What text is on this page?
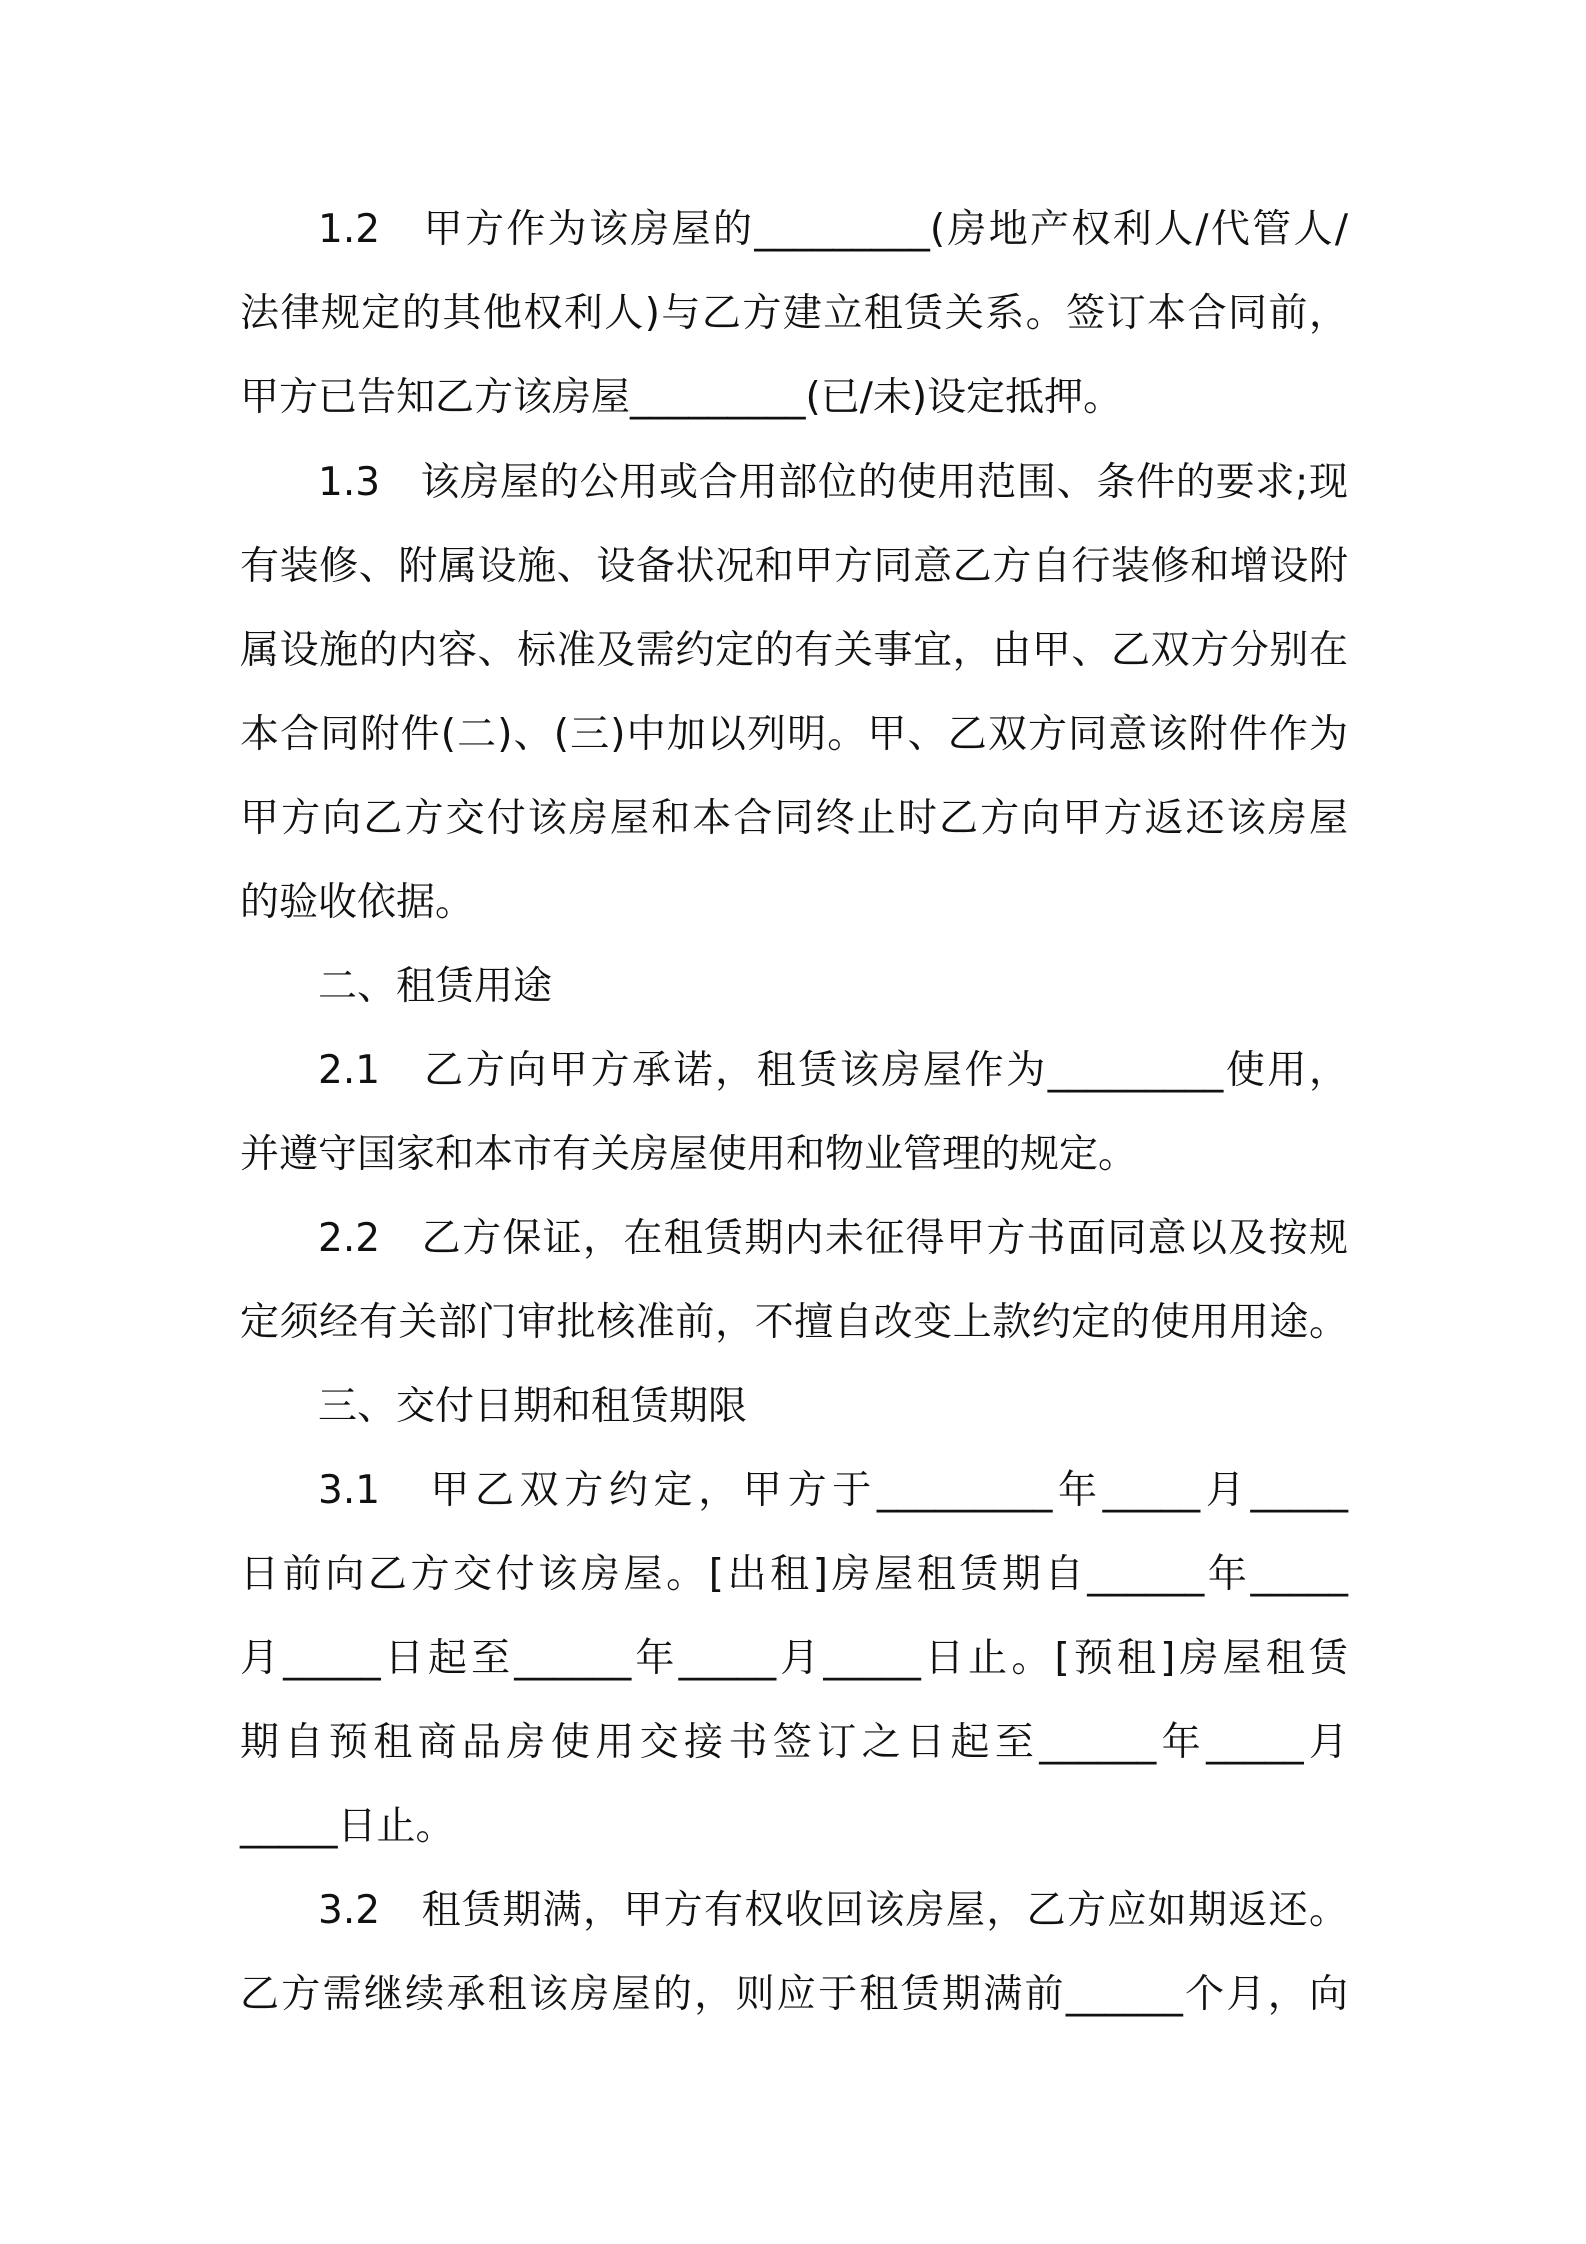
1.2　甲方作为该房屋的_________(房地产权利人/代管人/

法律规定的其他权利人)与乙方建立租赁关系。签订本合同前，

甲方已告知乙方该房屋_________(已/未)设定抵押。

1.3　该房屋的公用或合用部位的使用范围、条件的要求;现

有装修、附属设施、设备状况和甲方同意乙方自行装修和增设附

属设施的内容、标准及需约定的有关事宜，由甲、乙双方分别在

本合同附件(二)、(三)中加以列明。甲、乙双方同意该附件作为

甲方向乙方交付该房屋和本合同终止时乙方向甲方返还该房屋

的验收依据。

二、租赁用途

2.1　乙方向甲方承诺，租赁该房屋作为_________使用，

并遵守国家和本市有关房屋使用和物业管理的规定。

2.2　乙方保证，在租赁期内未征得甲方书面同意以及按规

定须经有关部门审批核准前，不擅自改变上款约定的使用用途。

三、交付日期和租赁期限

3.1　甲乙双方约定，甲方于_________年_____月_____

日前向乙方交付该房屋。[出租]房屋租赁期自______年_____

月_____日起至______年_____月_____日止。[预租]房屋租赁

期自预租商品房使用交接书签订之日起至______年_____月

_____日止。

3.2　租赁期满，甲方有权收回该房屋，乙方应如期返还。

乙方需继续承租该房屋的，则应于租赁期满前______个月，向
